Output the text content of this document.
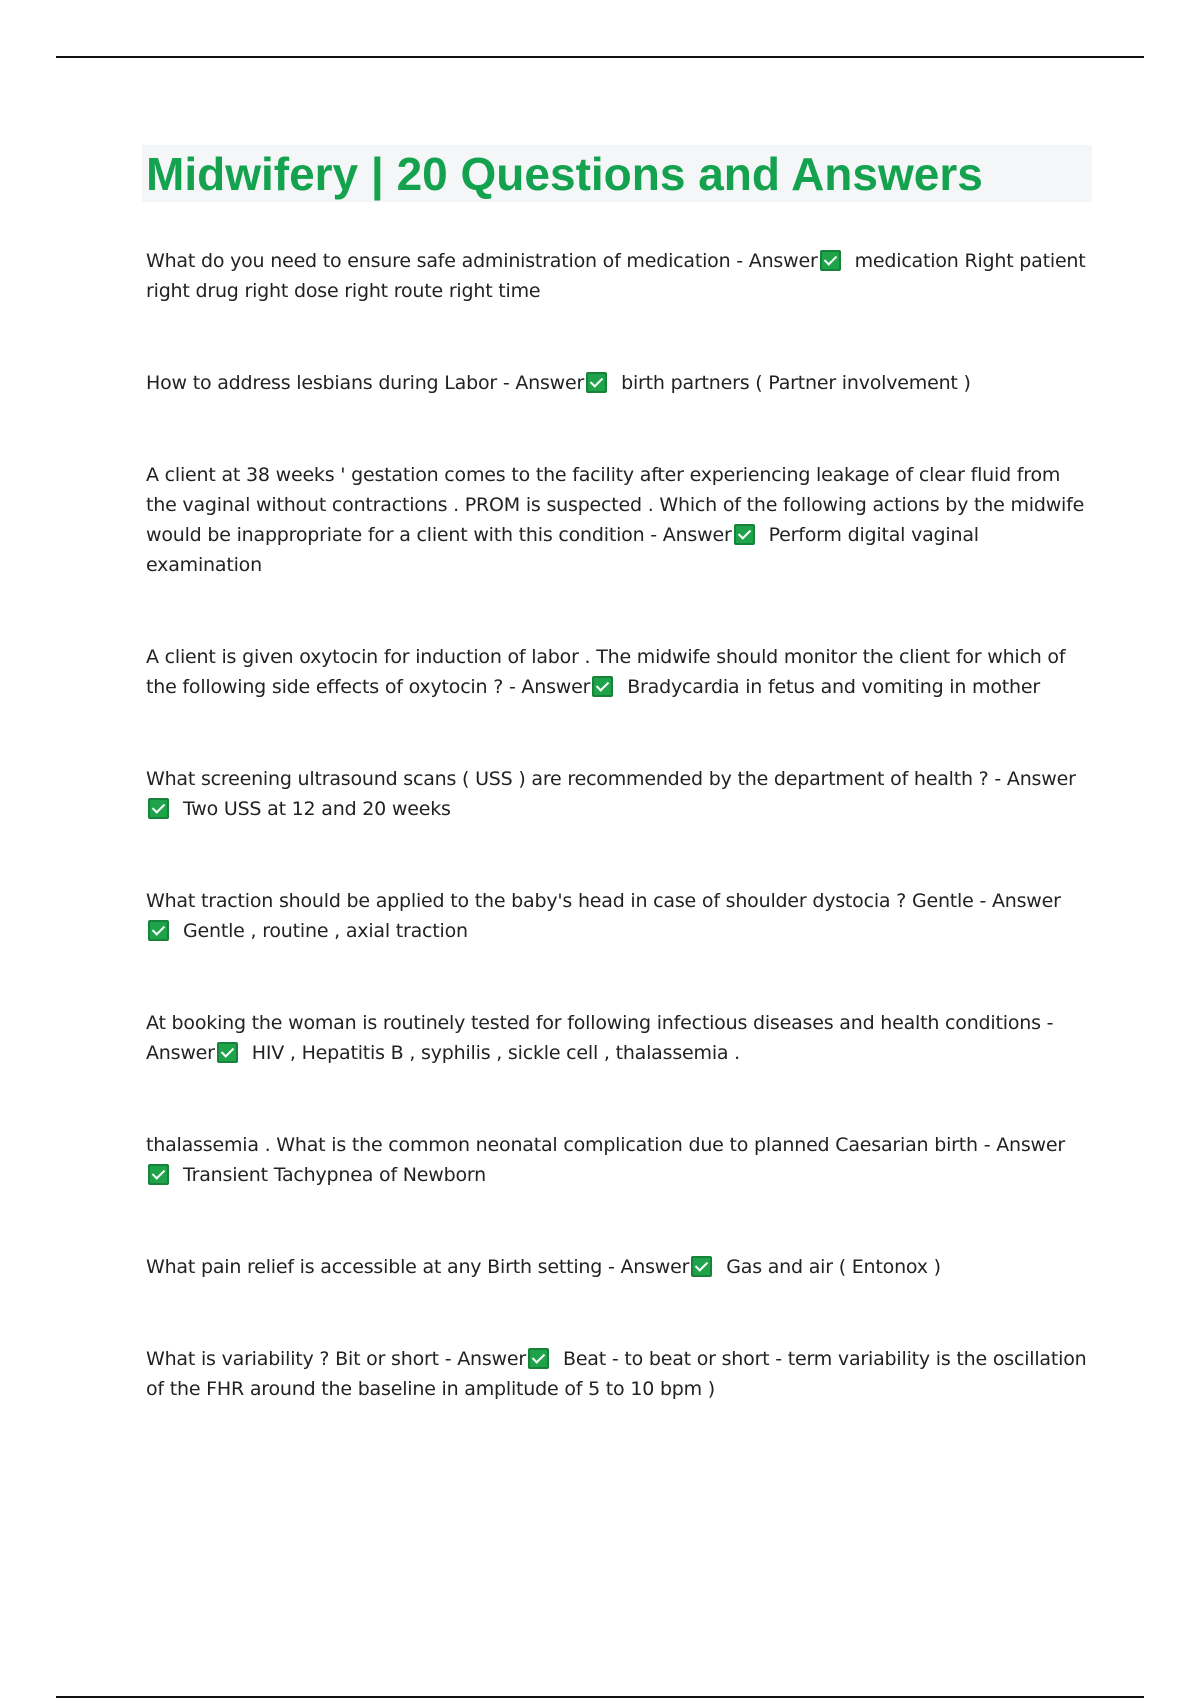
Midwifery | 20 Questions and Answers

What do you need to ensure safe administration of medication - Answer medication Right patient right drug right dose right route right time

How to address lesbians during Labor - Answer birth partners ( Partner involvement )

A client at 38 weeks ' gestation comes to the facility after experiencing leakage of clear fluid from the vaginal without contractions . PROM is suspected . Which of the following actions by the midwife would be inappropriate for a client with this condition - Answer Perform digital vaginal examination

A client is given oxytocin for induction of labor . The midwife should monitor the client for which of the following side effects of oxytocin ? - Answer Bradycardia in fetus and vomiting in mother

What screening ultrasound scans ( USS ) are recommended by the department of health ? - AnswerTwo USS at 12 and 20 weeks

What traction should be applied to the baby's head in case of shoulder dystocia ? Gentle - AnswerGentle , routine , axial traction

At booking the woman is routinely tested for following infectious diseases and health conditions - Answer HIV , Hepatitis B , syphilis , sickle cell , thalassemia .

thalassemia . What is the common neonatal complication due to planned Caesarian birth - AnswerTransient Tachypnea of Newborn

What pain relief is accessible at any Birth setting - Answer Gas and air ( Entonox )

What is variability ? Bit or short - Answer Beat - to beat or short - term variability is the oscillation of the FHR around the baseline in amplitude of 5 to 10 bpm )
